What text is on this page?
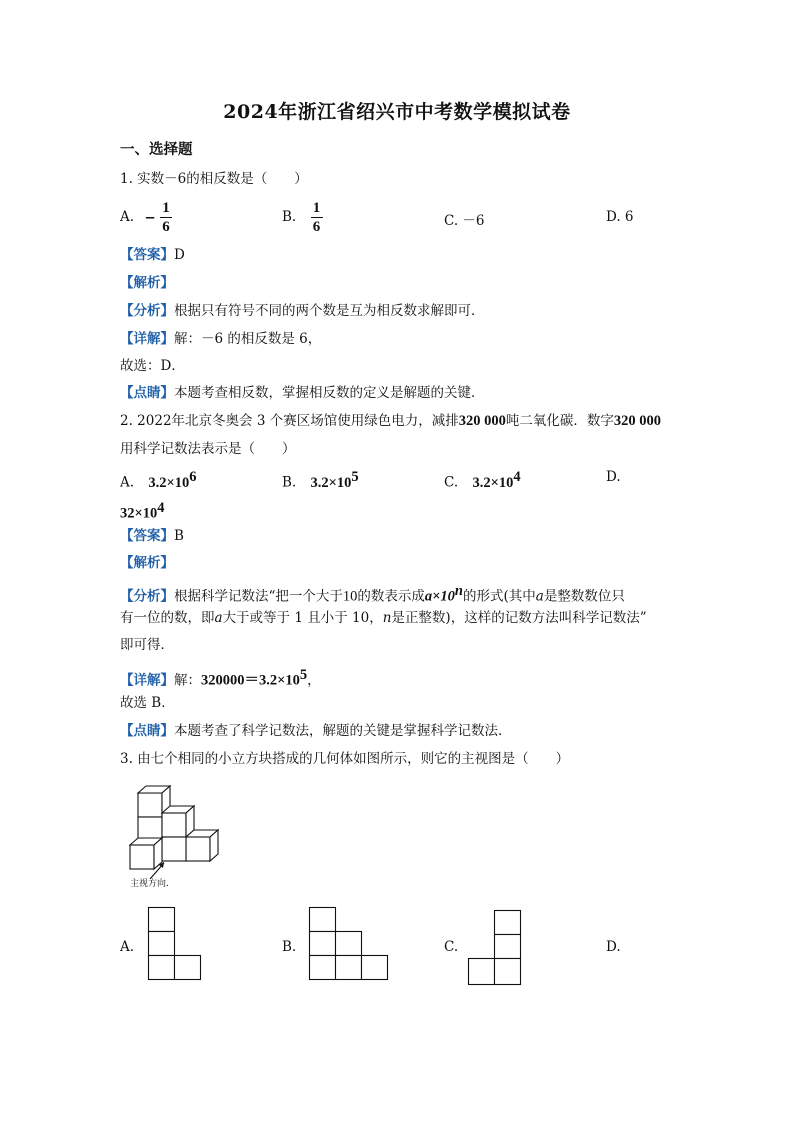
2024年浙江省绍兴市中考数学模拟试卷
一、选择题
1. 实数－6的相反数是（　　）
A. − $\frac{1}{6}$	B. $\frac{1}{6}$	C. －6	D. 6
【答案】D
【解析】
【分析】根据只有符号不同的两个数是互为相反数求解即可．
【详解】解：－6 的相反数是 6，
故选：D．
【点睛】本题考查相反数，掌握相反数的定义是解题的关键．
2. 2022年北京冬奥会 3 个赛区场馆使用绿色电力，减排320 000吨二氧化碳．数字320 000
用科学记数法表示是（　　）
A. $3.2\times 10^6$	B. $3.2\times 10^5$	C. $3.2\times 10^4$	D.
$32\times 10^4$
【答案】B
【解析】
【分析】根据科学记数法“把一个大于10的数表示成$a\times 10^n$的形式(其中a是整数数位只
有一位的数，即a大于或等于 1 且小于 10，n是正整数)，这样的记数方法叫科学记数法”
即可得．
【详解】解：$320000=3.2\times 10^5$，
故选 B．
【点睛】本题考查了科学记数法，解题的关键是掌握科学记数法．
3. 由七个相同的小立方块搭成的几何体如图所示，则它的主视图是（　　）
主视方向.
A.	B.	C.	D.
